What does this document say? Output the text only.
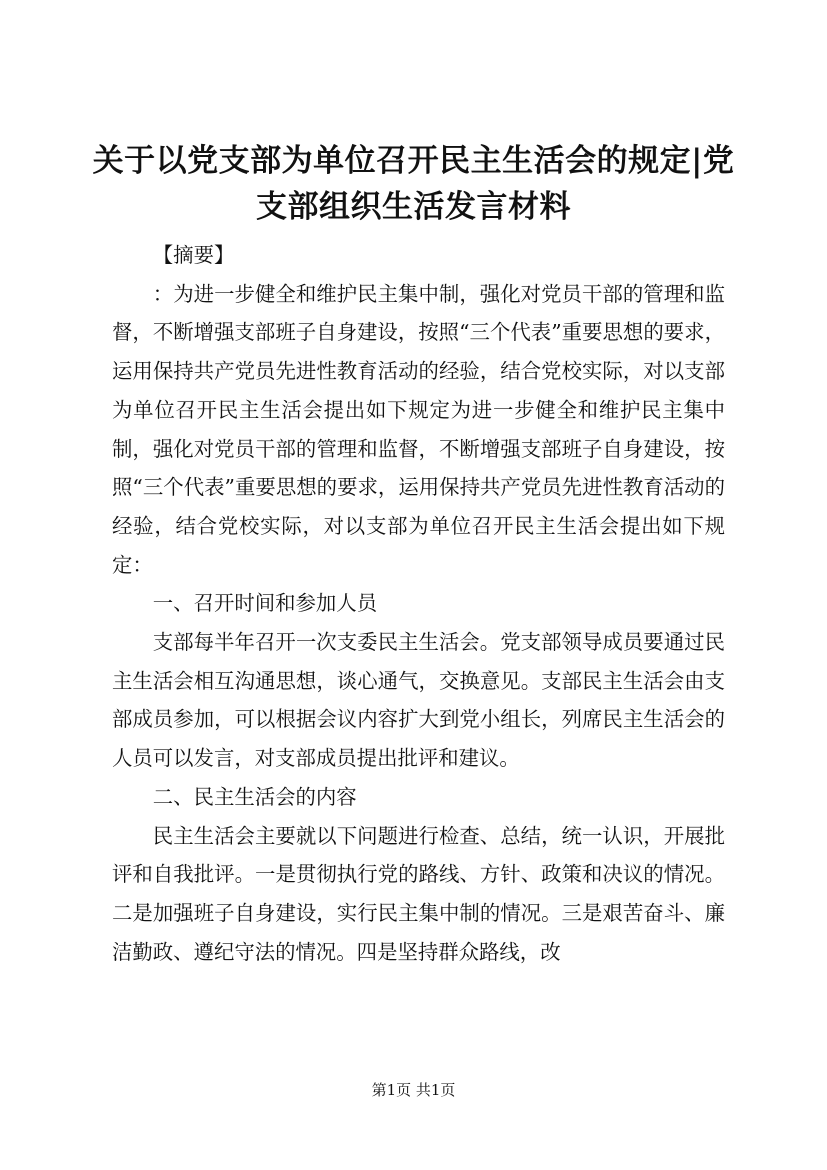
关于以党支部为单位召开民主生活会的规定|党支部组织生活发言材料

【摘要】

：为进一步健全和维护民主集中制，强化对党员干部的管理和监督，不断增强支部班子自身建设，按照“三个代表”重要思想的要求，运用保持共产党员先进性教育活动的经验，结合党校实际，对以支部为单位召开民主生活会提出如下规定为进一步健全和维护民主集中制，强化对党员干部的管理和监督，不断增强支部班子自身建设，按照“三个代表”重要思想的要求，运用保持共产党员先进性教育活动的经验，结合党校实际，对以支部为单位召开民主生活会提出如下规定：

一、召开时间和参加人员

支部每半年召开一次支委民主生活会。党支部领导成员要通过民主生活会相互沟通思想，谈心通气，交换意见。支部民主生活会由支部成员参加，可以根据会议内容扩大到党小组长，列席民主生活会的人员可以发言，对支部成员提出批评和建议。

二、民主生活会的内容

民主生活会主要就以下问题进行检查、总结，统一认识，开展批评和自我批评。一是贯彻执行党的路线、方针、政策和决议的情况。二是加强班子自身建设，实行民主集中制的情况。三是艰苦奋斗、廉洁勤政、遵纪守法的情况。四是坚持群众路线，改

第1页 共1页
